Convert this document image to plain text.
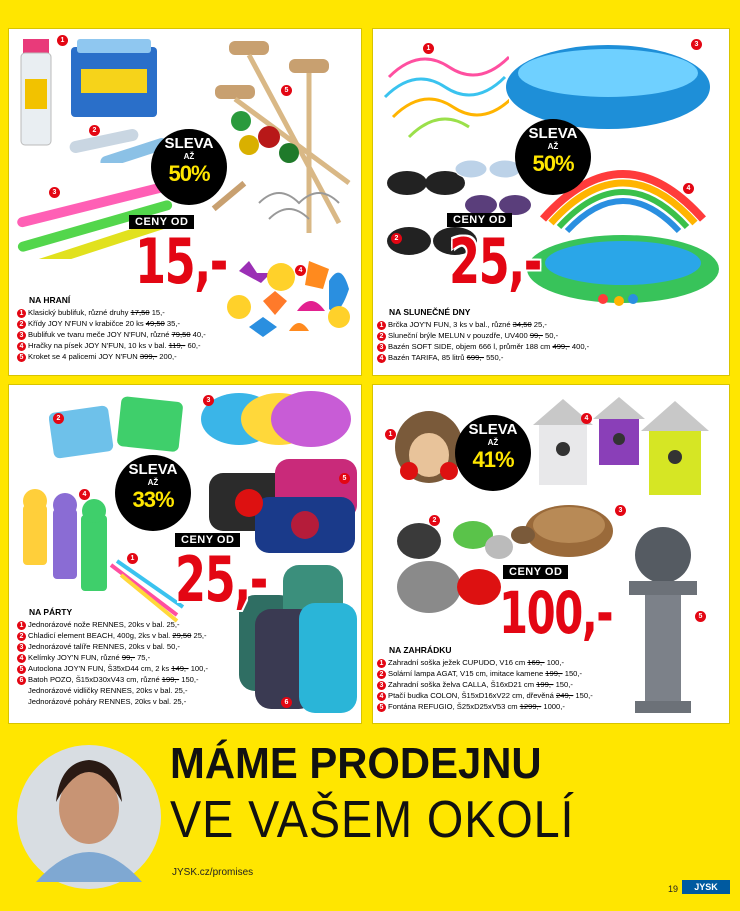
1
2
3
5
4
SLEVA
AŽ
50%
CENY OD
15,-
NA HRANÍ
1 Klasický bublifuk, různé druhy 17,50 15,-
2 Křídy JOY N'FUN v krabičce 20 ks 49,50 35,-
3 Bublifuk ve tvaru meče JOY N'FUN, různé 79,50 40,-
4 Hračky na písek JOY N'FUN, 10 ks v bal. 119,- 60,-
5 Kroket se 4 palicemi JOY N'FUN 399,- 200,-
1
3
2
4
SLEVA
AŽ
50%
CENY OD
25,-
NA SLUNEČNÉ DNY
1 Brčka JOY'N FUN, 3 ks v bal., různé 34,50 25,-
2 Sluneční brýle MELUN v pouzdře, UV400 99,- 50,-
3 Bazén SOFT SIDE, objem 666 l, průměr 188 cm 499,- 400,-
4 Bazén TARIFA, 85 litrů 699,- 550,-
2
3
4
5
1
6
SLEVA
AŽ
33%
CENY OD
25,-
NA PÁRTY
1 Jednorázové nože RENNES, 20ks v bal. 25,-
2 Chladicí element BEACH, 400g, 2ks v bal. 29,50 25,-
3 Jednorázové talíře RENNES, 20ks v bal. 50,-
4 Kelímky JOY'N FUN, různé 99,- 75,-
5 Autoclona JOY'N FUN, Š35xD44 cm, 2 ks 149,- 100,-
6 Batoh POZO, Š15xD30xV43 cm, různé 199,- 150,-
Jednorázové vidličky RENNES, 20ks v bal. 25,-
Jednorázové poháry RENNES, 20ks v bal. 25,-
1
4
2
3
5
SLEVA
AŽ
41%
CENY OD
100,-
NA ZAHRÁDKU
1 Zahradní soška ježek CUPUDO, V16 cm 169,- 100,-
2 Solární lampa AGAT, V15 cm, imitace kamene 199,- 150,-
3 Zahradní soška želva CALLA, Š16xD21 cm 199,- 150,-
4 Ptačí budka COLON, Š15xD16xV22 cm, dřevěná 249,- 150,-
5 Fontána REFUGIO, Š25xD25xV53 cm 1299,- 1000,-
MÁME PRODEJNU
VE VAŠEM OKOLÍ
JYSK.cz/promises
19	JYSK
